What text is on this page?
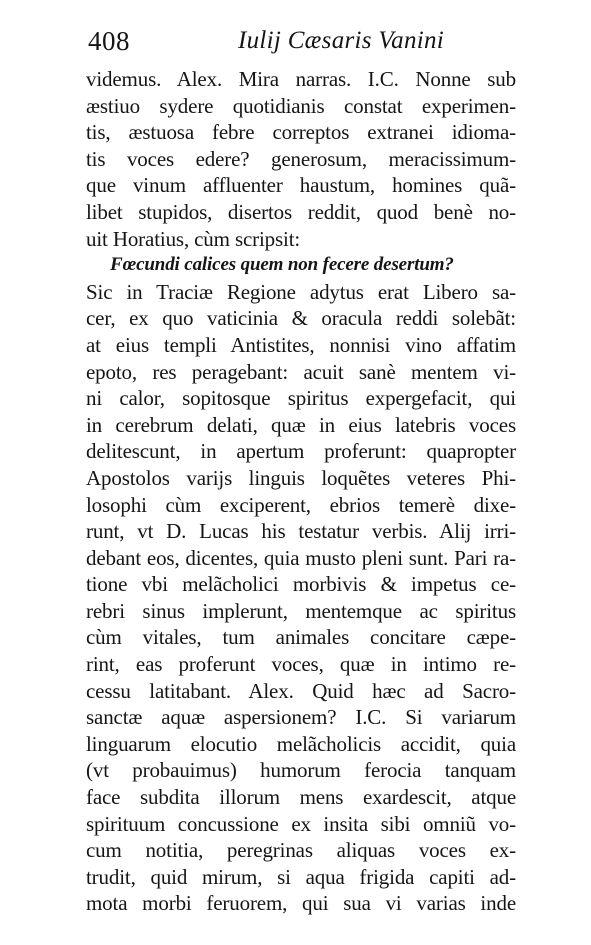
408	Iulij Cæsaris Vanini
videmus. Alex. Mira narras. I.C. Nonne sub
æstiuo sydere quotidianis constat experimen-
tis, æstuosa febre correptos extranei idioma-
tis voces edere? generosum, meracissimum-
que vinum affluenter haustum, homines quã-
libet stupidos, disertos reddit, quod benè no-
uit Horatius, cùm scripsit:
Fœcundi calices quem non fecere desertum?
Sic in Traciæ Regione adytus erat Libero sa-
cer, ex quo vaticinia & oracula reddi solebãt:
at eius templi Antistites, nonnisi vino affatim
epoto, res peragebant: acuit sanè mentem vi-
ni calor, sopitosque spiritus expergefacit, qui
in cerebrum delati, quæ in eius latebris voces
delitescunt, in apertum proferunt: quapropter
Apostolos varijs linguis loquẽtes veteres Phi-
losophi cùm exciperent, ebrios temerè dixe-
runt, vt D. Lucas his testatur verbis. Alij irri-
debant eos, dicentes, quia musto pleni sunt. Pari ra-
tione vbi melãcholici morbivis & impetus ce-
rebri sinus implerunt, mentemque ac spiritus
cùm vitales, tum animales concitare cæpe-
rint, eas proferunt voces, quæ in intimo re-
cessu latitabant. Alex. Quid hæc ad Sacro-
sanctæ aquæ aspersionem? I.C. Si variarum
linguarum elocutio melãcholicis accidit, quia
(vt probauimus) humorum ferocia tanquam
face subdita illorum mens exardescit, atque
spirituum concussione ex insita sibi omniũ vo-
cum notitia, peregrinas aliquas voces ex-
trudit, quid mirum, si aqua frigida capiti ad-
mota morbi feruorem, qui sua vi varias inde
